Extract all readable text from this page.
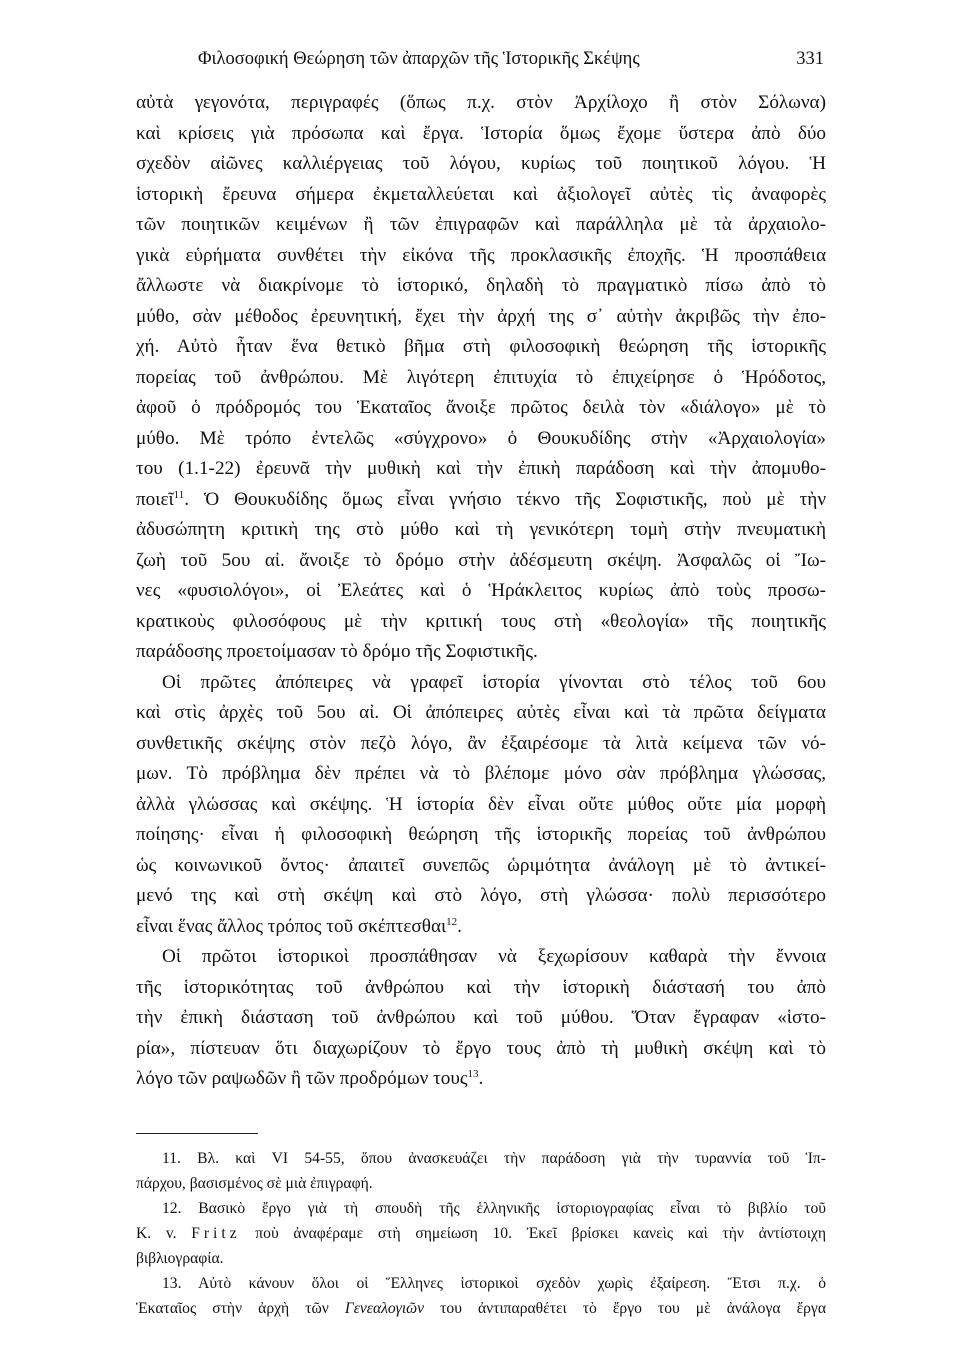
Φιλοσοφική Θεώρηση τῶν ἀπαρχῶν τῆς Ἱστορικῆς Σκέψης	331

αὐτὰ γεγονότα, περιγραφές (ὅπως π.χ. στὸν Ἀρχίλοχο ἢ στὸν Σόλωνα)

καὶ κρίσεις γιὰ πρόσωπα καὶ ἔργα. Ἱστορία ὅμως ἔχομε ὕστερα ἀπὸ δύο

σχεδὸν αἰῶνες καλλιέργειας τοῦ λόγου, κυρίως τοῦ ποιητικοῦ λόγου. Ἡ

ἱστορικὴ ἔρευνα σήμερα ἐκμεταλλεύεται καὶ ἀξιολογεῖ αὐτὲς τὶς ἀναφορὲς

τῶν ποιητικῶν κειμένων ἢ τῶν ἐπιγραφῶν καὶ παράλληλα μὲ τὰ ἀρχαιολο-

γικὰ εὑρήματα συνθέτει τὴν εἰκόνα τῆς προκλασικῆς ἐποχῆς. Ἡ προσπάθεια

ἄλλωστε νὰ διακρίνομε τὸ ἱστορικό, δηλαδὴ τὸ πραγματικὸ πίσω ἀπὸ τὸ

μύθο, σὰν μέθοδος ἐρευνητική, ἔχει τὴν ἀρχή της σ᾽ αὐτὴν ἀκριβῶς τὴν ἐπο-

χή. Αὐτὸ ἦταν ἕνα θετικὸ βῆμα στὴ φιλοσοφικὴ θεώρηση τῆς ἱστορικῆς

πορείας τοῦ ἀνθρώπου. Μὲ λιγότερη ἐπιτυχία τὸ ἐπιχείρησε ὁ Ἡρόδοτος,

ἀφοῦ ὁ πρόδρομός του Ἑκαταῖος ἄνοιξε πρῶτος δειλὰ τὸν «διάλογο» μὲ τὸ

μύθο. Μὲ τρόπο ἐντελῶς «σύγχρονο» ὁ Θουκυδίδης στὴν «Ἀρχαιολογία»

του (1.1-22) ἐρευνᾶ τὴν μυθικὴ καὶ τὴν ἐπικὴ παράδοση καὶ τὴν ἀπομυθο-

ποιεῖ$^{11}$. Ὁ Θουκυδίδης ὅμως εἶναι γνήσιο τέκνο τῆς Σοφιστικῆς, ποὺ μὲ τὴν

ἀδυσώπητη κριτικὴ της στὸ μύθο καὶ τὴ γενικότερη τομὴ στὴν πνευματικὴ

ζωὴ τοῦ 5ου αἰ. ἄνοιξε τὸ δρόμο στὴν ἀδέσμευτη σκέψη. Ἀσφαλῶς οἱ Ἴω-

νες «φυσιολόγοι», οἱ Ἐλεάτες καὶ ὁ Ἡράκλειτος κυρίως ἀπὸ τοὺς προσω-

κρατικοὺς φιλοσόφους μὲ τὴν κριτική τους στὴ «θεολογία» τῆς ποιητικῆς

παράδοσης προετοίμασαν τὸ δρόμο τῆς Σοφιστικῆς.

Οἱ πρῶτες ἀπόπειρες νὰ γραφεῖ ἱστορία γίνονται στὸ τέλος τοῦ 6ου

καὶ στὶς ἀρχὲς τοῦ 5ου αἰ. Οἱ ἀπόπειρες αὐτὲς εἶναι καὶ τὰ πρῶτα δείγματα

συνθετικῆς σκέψης στὸν πεζὸ λόγο, ἂν ἐξαιρέσομε τὰ λιτὰ κείμενα τῶν νό-

μων. Τὸ πρόβλημα δὲν πρέπει νὰ τὸ βλέπομε μόνο σὰν πρόβλημα γλώσσας,

ἀλλὰ γλώσσας καὶ σκέψης. Ἡ ἱστορία δὲν εἶναι οὔτε μύθος οὔτε μία μορφὴ

ποίησης· εἶναι ἡ φιλοσοφικὴ θεώρηση τῆς ἱστορικῆς πορείας τοῦ ἀνθρώπου

ὡς κοινωνικοῦ ὄντος· ἀπαιτεῖ συνεπῶς ὡριμότητα ἀνάλογη μὲ τὸ ἀντικεί-

μενό της καὶ στὴ σκέψη καὶ στὸ λόγο, στὴ γλώσσα· πολὺ περισσότερο

εἶναι ἕνας ἄλλος τρόπος τοῦ σκέπτεσθαι$^{12}$.

Οἱ πρῶτοι ἱστορικοὶ προσπάθησαν νὰ ξεχωρίσουν καθαρὰ τὴν ἔννοια

τῆς ἱστορικότητας τοῦ ἀνθρώπου καὶ τὴν ἱστορικὴ διάστασή του ἀπὸ

τὴν ἐπικὴ διάσταση τοῦ ἀνθρώπου καὶ τοῦ μύθου. Ὅταν ἔγραφαν «ἱστο-

ρία», πίστευαν ὅτι διαχωρίζουν τὸ ἔργο τους ἀπὸ τὴ μυθικὴ σκέψη καὶ τὸ

λόγο τῶν ραψωδῶν ἢ τῶν προδρόμων τους$^{13}$.

11. Βλ. καὶ VI 54-55, ὅπου ἀνασκευάζει τὴν παράδοση γιὰ τὴν τυραννία τοῦ Ἱπ-
πάρχου, βασισμένος σὲ μιὰ ἐπιγραφή.

12. Βασικὸ ἔργο γιὰ τὴ σπουδὴ τῆς ἑλληνικῆς ἱστοριογραφίας εἶναι τὸ βιβλίο τοῦ
K. v. Fritz ποὺ ἀναφέραμε στὴ σημείωση 10. Ἐκεῖ βρίσκει κανεὶς καὶ τὴν ἀντίστοιχη
βιβλιογραφία.

13. Αὐτὸ κάνουν ὅλοι οἱ Ἕλληνες ἱστορικοὶ σχεδὸν χωρὶς ἐξαίρεση. Ἔτσι π.χ. ὁ
Ἑκαταῖος στὴν ἀρχὴ τῶν Γενεαλογιῶν του ἀντιπαραθέτει τὸ ἔργο του μὲ ἀνάλογα ἔργα
